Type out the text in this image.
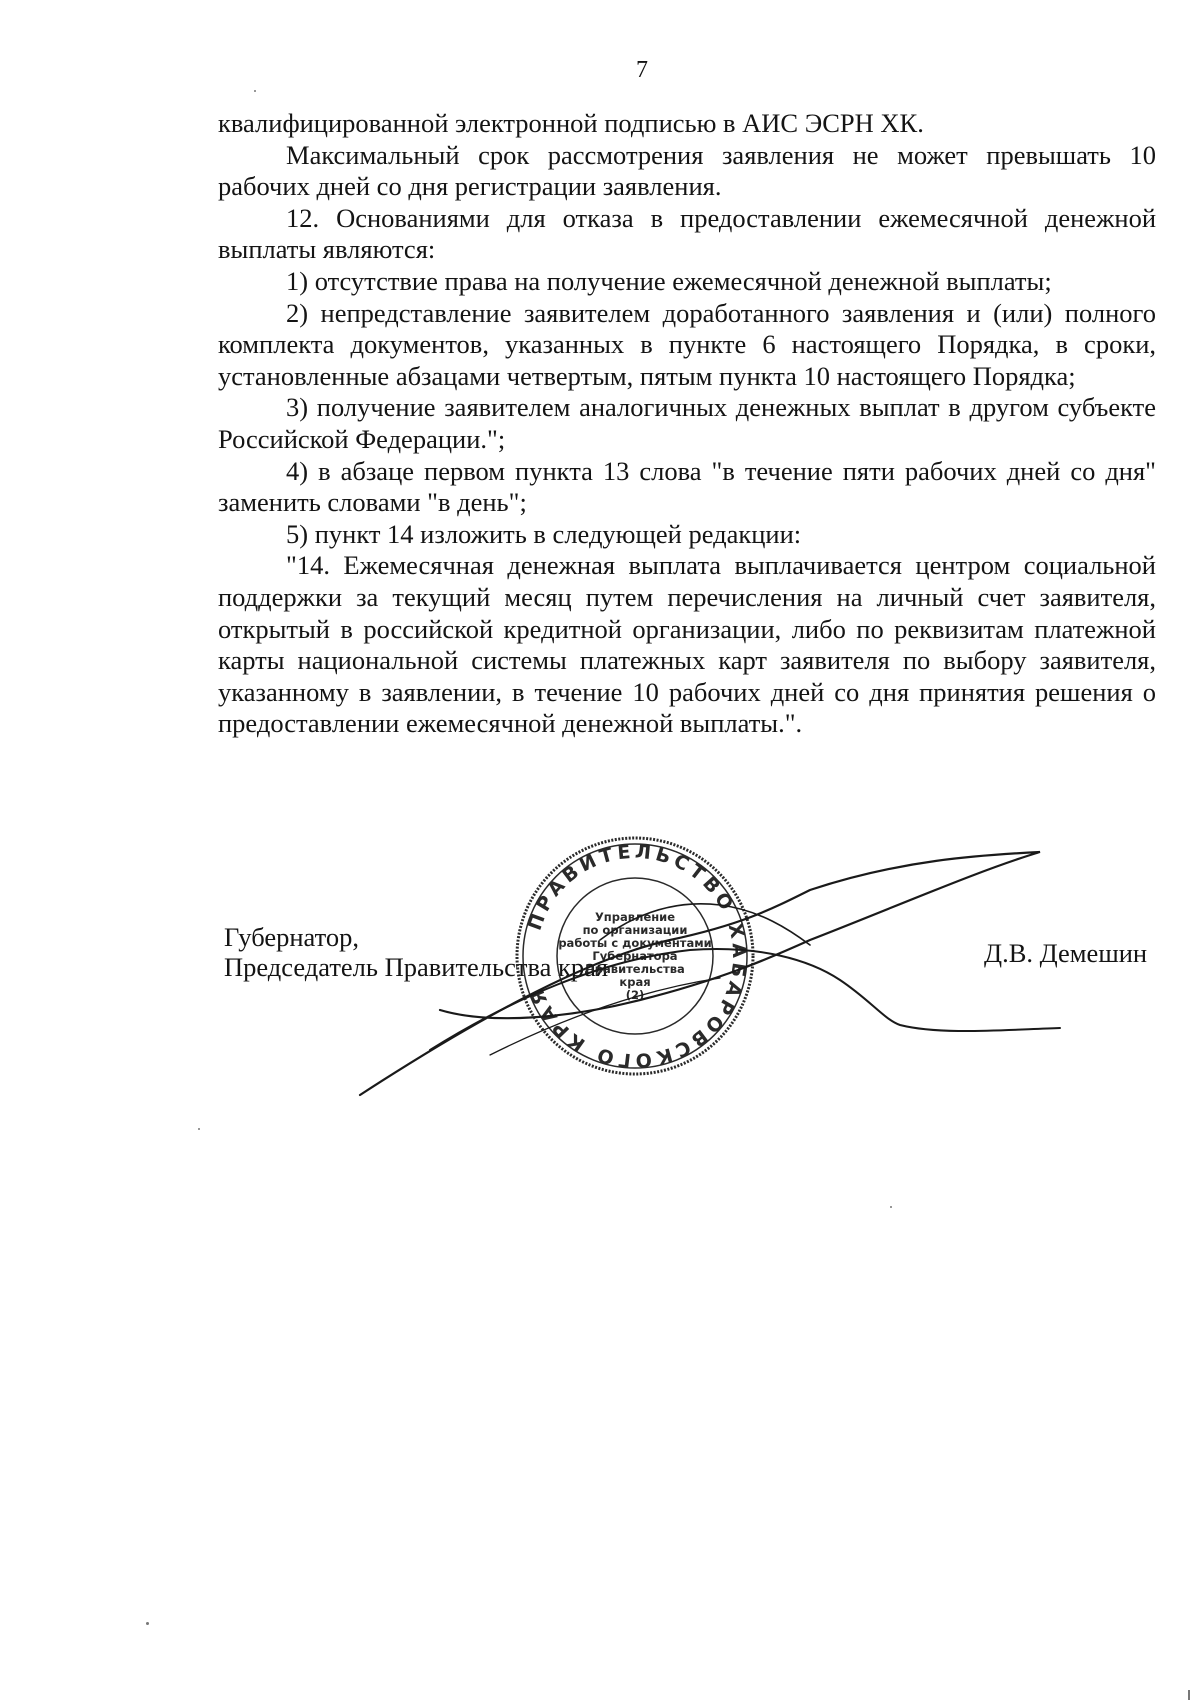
7

квалифицированной электронной подписью в АИС ЭСРН ХК.

Максимальный срок рассмотрения заявления не может превышать 10 рабочих дней со дня регистрации заявления.

12. Основаниями для отказа в предоставлении ежемесячной денежной выплаты являются:

1) отсутствие права на получение ежемесячной денежной выплаты;

2) непредставление заявителем доработанного заявления и (или) полного комплекта документов, указанных в пункте 6 настоящего Порядка, в сроки, установленные абзацами четвертым, пятым пункта 10 настоящего Порядка;

3) получение заявителем аналогичных денежных выплат в другом субъекте Российской Федерации.";

4) в абзаце первом пункта 13 слова "в течение пяти рабочих дней со дня" заменить словами "в день";

5) пункт 14 изложить в следующей редакции:

"14. Ежемесячная денежная выплата выплачивается центром социальной поддержки за текущий месяц путем перечисления на личный счет заявителя, открытый в российской кредитной организации, либо по реквизитам платежной карты национальной системы платежных карт заявителя по выбору заявителя, указанному в заявлении, в течение 10 рабочих дней со дня принятия решения о предоставлении ежемесячной денежной выплаты.".

Губернатор,
Председатель Правительства края	Д.В. Демешин
ПРАВИТЕЛЬСТВО ХАБАРОВСКОГО КРАЯ
Управление
по организации
работы с документами
Губернатора
Правительства
края
(2)
